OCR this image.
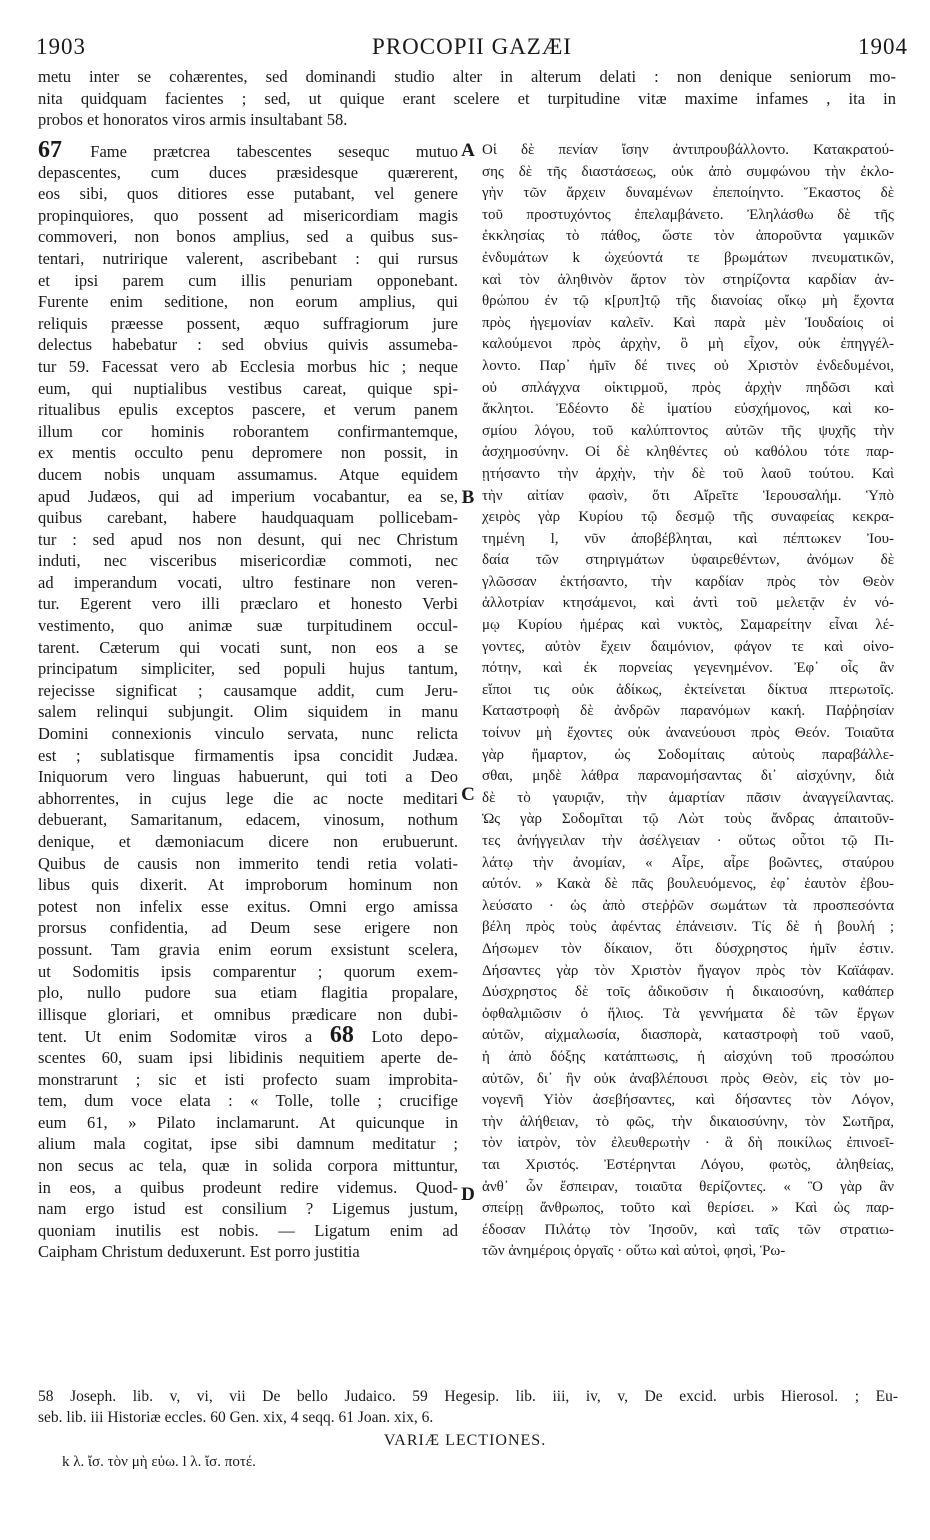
1903	PROCOPII GAZÆI	1904
metu inter se cohærentes, sed dominandi studio alter in alterum delati : non denique seniorum mo-
nita quidquam facientes ; sed, ut quique erant scelere et turpitudine vitæ maxime infames , ita in
probos et honoratos viros armis insultabant 58.
67 Fame prætcrea tabescentes sesequc mutuo
depascentes, cum duces præsidesque quærerent,
eos sibi, quos ditiores esse putabant, vel genere
propinquiores, quo possent ad misericordiam magis
commoveri, non bonos amplius, sed a quibus sus-
tentari, nutririque valerent, ascribebant : qui rursus
et ipsi parem cum illis penuriam opponebant.
Furente enim seditione, non eorum amplius, qui
reliquis præesse possent, æquo suffragiorum jure
delectus habebatur : sed obvius quivis assumeba-
tur 59. Facessat vero ab Ecclesia morbus hic ; neque
eum, qui nuptialibus vestibus careat, quique spi-
ritualibus epulis exceptos pascere, et verum panem
illum cor hominis roborantem confirmantemque,
ex mentis occulto penu depromere non possit, in
ducem nobis unquam assumamus. Atque equidem
apud Judæos, qui ad imperium vocabantur, ea se,
quibus carebant, habere haudquaquam pollicebam-
tur : sed apud nos non desunt, qui nec Christum
induti, nec visceribus misericordiæ commoti, nec
ad imperandum vocati, ultro festinare non veren-
tur. Egerent vero illi præclaro et honesto Verbi
vestimento, quo animæ suæ turpitudinem occul-
tarent. Cæterum qui vocati sunt, non eos a se
principatum simpliciter, sed populi hujus tantum,
rejecisse significat ; causamque addit, cum Jeru-
salem relinqui subjungit. Olim siquidem in manu
Domini connexionis vinculo servata, nunc relicta
est ; sublatisque firmamentis ipsa concidit Judæa.
Iniquorum vero linguas habuerunt, qui toti a Deo
abhorrentes, in cujus lege die ac nocte meditari
debuerant, Samaritanum, edacem, vinosum, nothum
denique, et dæmoniacum dicere non erubuerunt.
Quibus de causis non immerito tendi retia volati-
libus quis dixerit. At improborum hominum non
potest non infelix esse exitus. Omni ergo amissa
prorsus confidentia, ad Deum sese erigere non
possunt. Tam gravia enim eorum exsistunt scelera,
ut Sodomitis ipsis comparentur ; quorum exem-
plo, nullo pudore sua etiam flagitia propalare,
illisque gloriari, et omnibus prædicare non dubi-
tent. Ut enim Sodomitæ viros a 68 Loto depo-
scentes 60, suam ipsi libidinis nequitiem aperte de-
monstrarunt ; sic et isti profecto suam improbita-
tem, dum voce elata : « Tolle, tolle ; crucifige
eum 61, » Pilato inclamarunt. At quicunque in
alium mala cogitat, ipse sibi damnum meditatur ;
non secus ac tela, quæ in solida corpora mittuntur,
in eos, a quibus prodeunt redire videmus. Quod-
nam ergo istud est consilium ? Ligemus justum,
quoniam inutilis est nobis. — Ligatum enim ad
Caipham Christum deduxerunt. Est porro justitia
Οἱ δὲ πενίαν ἴσην ἀντιπρουβάλλοντο. Κατακρατού-
σης δὲ τῆς διαστάσεως, οὐκ ἀπὸ συμφώνου τὴν ἐκλο-
γὴν τῶν ἄρχειν δυναμένων ἐπεποίηντο. Ἕκαστος δὲ
τοῦ προστυχόντος ἐπελαμβάνετο. Ἐληλάσθω δὲ τῆς
ἐκκλησίας τὸ πάθος, ὥστε τὸν ἀποροῦντα γαμικῶν
ἐνδυμάτων k ὠχεύοντά τε βρωμάτων πνευματικῶν,
καὶ τὸν ἀληθινὸν ἄρτον τὸν στηρίζοντα καρδίαν ἀν-
θρώπου ἐν τῷ κ[ρυπ]τῷ τῆς διανοίας οἴκῳ μὴ ἔχοντα
πρὸς ἡγεμονίαν καλεῖν. Καὶ παρὰ μὲν Ἰουδαίοις οἱ
καλούμενοι πρὸς ἀρχὴν, ὃ μὴ εἶχον, οὐκ ἐπηγγέλ-
λοντο. Παρ᾽ ἡμῖν δέ τινες οὐ Χριστὸν ἐνδεδυμένοι,
οὐ σπλάγχνα οἰκτιρμοῦ, πρὸς ἀρχὴν πηδῶσι καὶ
ἄκλητοι. Ἐδέοντο δὲ ἱματίου εὐσχήμονος, καὶ κο-
σμίου λόγου, τοῦ καλύπτοντος αὐτῶν τῆς ψυχῆς τὴν
ἀσχημοσύνην. Οἱ δὲ κληθέντες οὐ καθόλου τότε παρ-
ῃτήσαντο τὴν ἀρχὴν, τὴν δὲ τοῦ λαοῦ τούτου. Καὶ
τὴν αἰτίαν φασὶν, ὅτι Αἴρεῖτε Ἱερουσαλήμ. Ὑπὸ
χειρὸς γὰρ Κυρίου τῷ δεσμῷ τῆς συναφείας κεκρα-
τημένη l, νῦν ἀποβέβληται, καὶ πέπτωκεν Ἰου-
δαία τῶν στηριγμάτων ὑφαιρεθέντων, ἀνόμων δὲ
γλῶσσαν ἐκτήσαντο, τὴν καρδίαν πρὸς τὸν Θεὸν
ἀλλοτρίαν κτησάμενοι, καὶ ἀντὶ τοῦ μελετᾷν ἐν νό-
μῳ Κυρίου ἡμέρας καὶ νυκτὸς, Σαμαρείτην εἶναι λέ-
γοντες, αὐτὸν ἔχειν δαιμόνιον, φάγον τε καὶ οἰνο-
πότην, καὶ ἐκ πορνείας γεγενημένον. Ἐφ᾽ οἷς ἂν
εἴποι τις οὐκ ἀδίκως, ἐκτείνεται δίκτυα πτερωτοῖς.
Καταστροφὴ δὲ ἀνδρῶν παρανόμων κακή. Παῤῥησίαν
τοίνυν μὴ ἔχοντες οὐκ ἀνανεύουσι πρὸς Θεόν. Τοιαῦτα
γὰρ ἥμαρτον, ὡς Σοδομίταις αὐτοὺς παραβάλλε-
σθαι, μηδὲ λάθρα παρανομήσαντας δι᾽ αἰσχύνην, διὰ
δὲ τὸ γαυριᾷν, τὴν ἁμαρτίαν πᾶσιν ἀναγγείλαντας.
Ὡς γὰρ Σοδομῖται τῷ Λὼτ τοὺς ἄνδρας ἀπαιτοῦν-
τες ἀνήγγειλαν τὴν ἀσέλγειαν · οὕτως οὗτοι τῷ Πι-
λάτῳ τὴν ἀνομίαν, « Αἶρε, αἶρε βοῶντες, σταύρου
αὐτόν. » Κακὰ δὲ πᾶς βουλευόμενος, ἐφ᾽ ἑαυτὸν ἐβου-
λεύσατο · ὡς ἀπὸ στεῤῥῶν σωμάτων τὰ προσπεσόντα
βέλη πρὸς τοὺς ἀφέντας ἐπάνεισιν. Τίς δὲ ἡ βουλή ;
Δήσωμεν τὸν δίκαιον, ὅτι δύσχρηστος ἡμῖν ἐστιν.
Δήσαντες γὰρ τὸν Χριστὸν ἤγαγον πρὸς τὸν Καϊάφαν.
Δύσχρηστος δὲ τοῖς ἀδικοῦσιν ἡ δικαιοσύνη, καθάπερ
ὀφθαλμιῶσιν ὁ ἥλιος. Τὰ γεννήματα δὲ τῶν ἔργων
αὐτῶν, αἰχμαλωσία, διασπορὰ, καταστροφὴ τοῦ ναοῦ,
ἡ ἀπὸ δόξης κατάπτωσις, ἡ αἰσχύνη τοῦ προσώπου
αὐτῶν, δι᾽ ἣν οὐκ ἀναβλέπουσι πρὸς Θεὸν, εἰς τὸν μο-
νογενῆ Υἱὸν ἀσεβήσαντες, καὶ δήσαντες τὸν Λόγον,
τὴν ἀλήθειαν, τὸ φῶς, τὴν δικαιοσύνην, τὸν Σωτῆρα,
τὸν ἰατρὸν, τὸν ἐλευθερωτὴν · ἃ δὴ ποικίλως ἐπινοεῖ-
ται Χριστός. Ἐστέρηνται Λόγου, φωτὸς, ἀληθείας,
ἀνθ᾽ ὧν ἔσπειραν, τοιαῦτα θερίζοντες. « Ὃ γὰρ ἂν
σπείρῃ ἄνθρωπος, τοῦτο καὶ θερίσει. » Καὶ ὡς παρ-
έδοσαν Πιλάτῳ τὸν Ἰησοῦν, καὶ ταῖς τῶν στρατιω-
τῶν ἀνημέροις ὀργαῖς · οὕτω καὶ αὐτοὶ, φησὶ, Ῥω-
A
B
C
D
58 Joseph. lib. v, vi, vii De bello Judaico. 59 Hegesip. lib. iii, iv, v, De excid. urbis Hierosol. ; Eu-
seb. lib. iii Historiæ eccles. 60 Gen. xix, 4 seqq. 61 Joan. xix, 6.
VARIÆ LECTIONES.
k λ. ἴσ. τὸν μὴ εὐω. l λ. ἴσ. ποτέ.
